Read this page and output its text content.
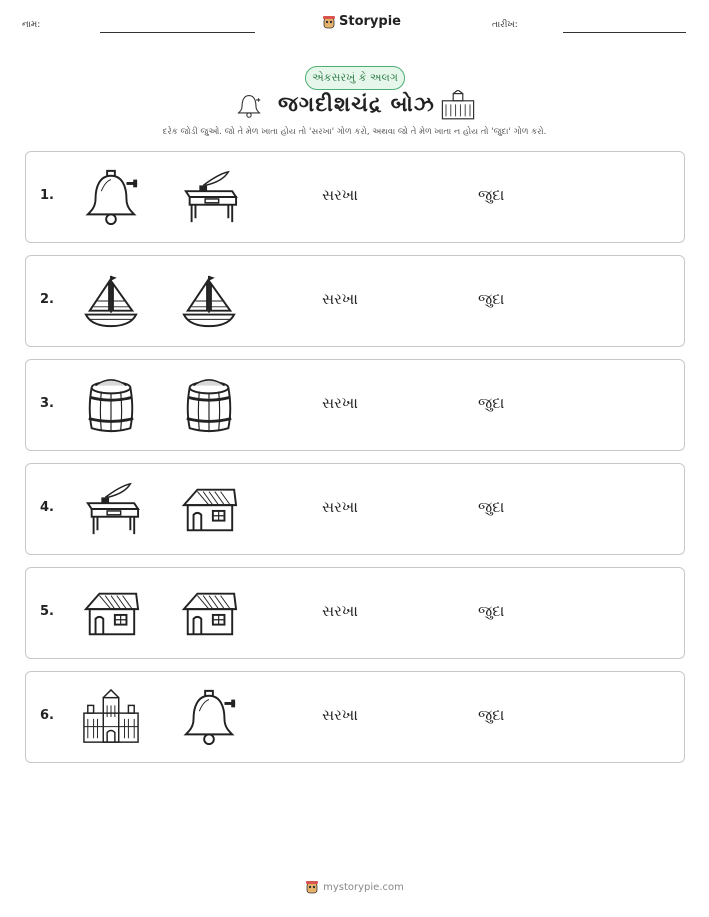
નામ:	Storypie	તારીખ:
એકસરખું કે અલગ
જગદીશચંદ્ર બોઝ
દરેક જોડી જુઓ. જો તે મેળ ખાતા હોય તો 'સરખા' ગોળ કરો, અથવા જો તે મેળ ખાતા ન હોય તો 'જુદા' ગોળ કરો.
1.	સરખા	જુદા
2.	સરખા	જુદા
3.	સરખા	જુદા
4.	સરખા	જુદા
5.	સરખા	જુદા
6.	સરખા	જુદા
mystorypie.com
